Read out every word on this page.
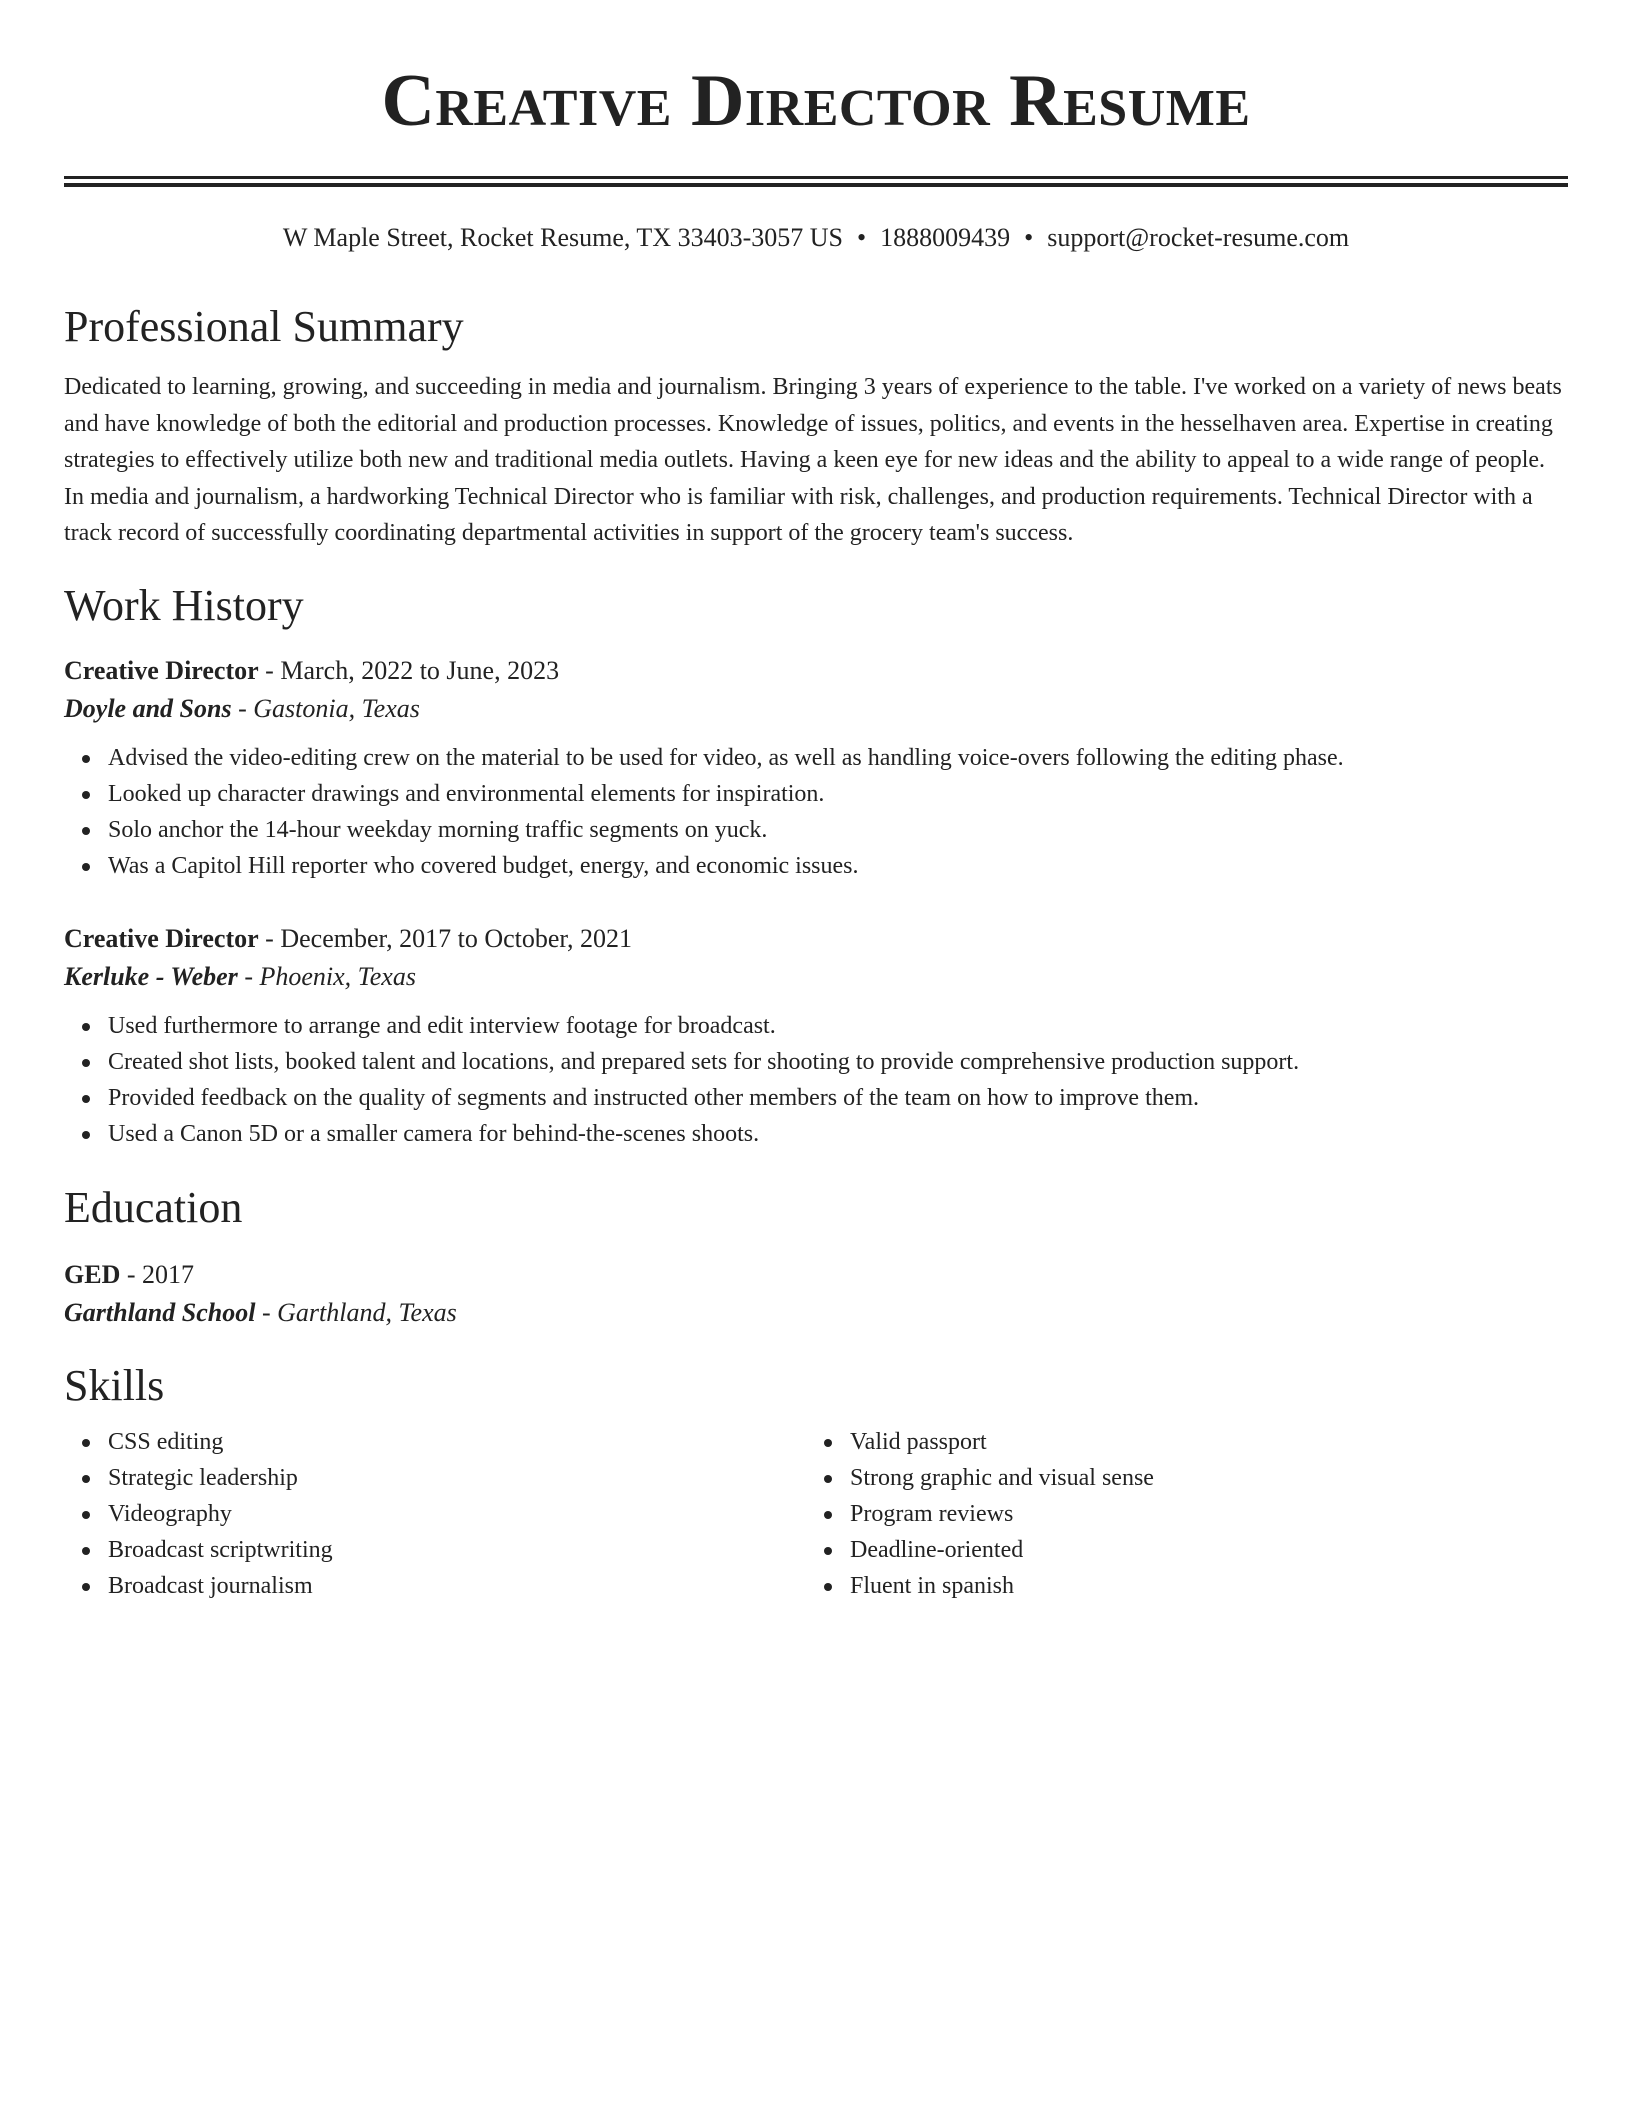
Creative Director Resume
W Maple Street, Rocket Resume, TX 33403-3057 US • 1888009439 • support@rocket-resume.com
Professional Summary

Dedicated to learning, growing, and succeeding in media and journalism. Bringing 3 years of experience to the table. I've worked on a variety of news beats and have knowledge of both the editorial and production processes. Knowledge of issues, politics, and events in the hesselhaven area. Expertise in creating strategies to effectively utilize both new and traditional media outlets. Having a keen eye for new ideas and the ability to appeal to a wide range of people. In media and journalism, a hardworking Technical Director who is familiar with risk, challenges, and production requirements. Technical Director with a track record of successfully coordinating departmental activities in support of the grocery team's success.

Work History
Creative Director - March, 2022 to June, 2023
Doyle and Sons - Gastonia, Texas
Advised the video-editing crew on the material to be used for video, as well as handling voice-overs following the editing phase.
Looked up character drawings and environmental elements for inspiration.
Solo anchor the 14-hour weekday morning traffic segments on yuck.
Was a Capitol Hill reporter who covered budget, energy, and economic issues.
Creative Director - December, 2017 to October, 2021
Kerluke - Weber - Phoenix, Texas
Used furthermore to arrange and edit interview footage for broadcast.
Created shot lists, booked talent and locations, and prepared sets for shooting to provide comprehensive production support.
Provided feedback on the quality of segments and instructed other members of the team on how to improve them.
Used a Canon 5D or a smaller camera for behind-the-scenes shoots.
Education
GED - 2017
Garthland School - Garthland, Texas
Skills
CSS editing
Strategic leadership
Videography
Broadcast scriptwriting
Broadcast journalism
Valid passport
Strong graphic and visual sense
Program reviews
Deadline-oriented
Fluent in spanish
